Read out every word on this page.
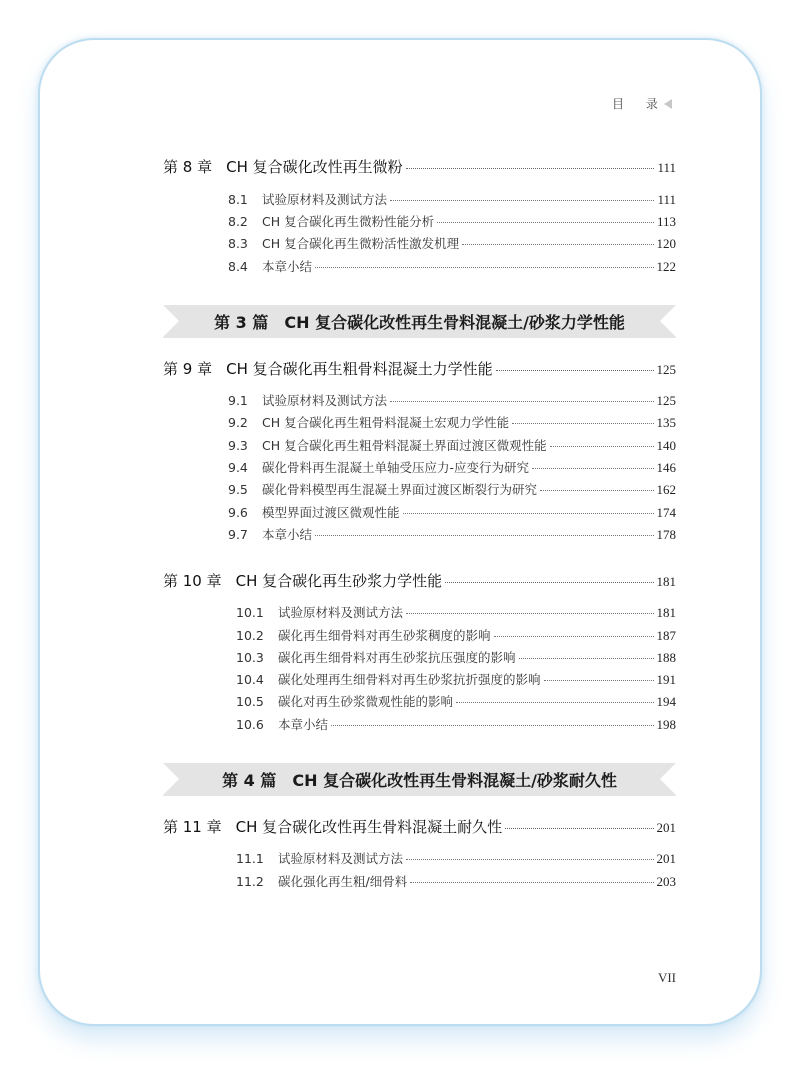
目 录
第 8 章 CH 复合碳化改性再生微粉	111
8.1	试验原材料及测试方法	111
8.2	CH 复合碳化再生微粉性能分析	113
8.3	CH 复合碳化再生微粉活性激发机理	120
8.4	本章小结	122
第 3 篇 CH 复合碳化改性再生骨料混凝土/砂浆力学性能
第 9 章 CH 复合碳化再生粗骨料混凝土力学性能	125
9.1	试验原材料及测试方法	125
9.2	CH 复合碳化再生粗骨料混凝土宏观力学性能	135
9.3	CH 复合碳化再生粗骨料混凝土界面过渡区微观性能	140
9.4	碳化骨料再生混凝土单轴受压应力-应变行为研究	146
9.5	碳化骨料模型再生混凝土界面过渡区断裂行为研究	162
9.6	模型界面过渡区微观性能	174
9.7	本章小结	178
第 10 章 CH 复合碳化再生砂浆力学性能	181
10.1	试验原材料及测试方法	181
10.2	碳化再生细骨料对再生砂浆稠度的影响	187
10.3	碳化再生细骨料对再生砂浆抗压强度的影响	188
10.4	碳化处理再生细骨料对再生砂浆抗折强度的影响	191
10.5	碳化对再生砂浆微观性能的影响	194
10.6	本章小结	198
第 4 篇 CH 复合碳化改性再生骨料混凝土/砂浆耐久性
第 11 章 CH 复合碳化改性再生骨料混凝土耐久性	201
11.1	试验原材料及测试方法	201
11.2	碳化强化再生粗/细骨料	203
VII
